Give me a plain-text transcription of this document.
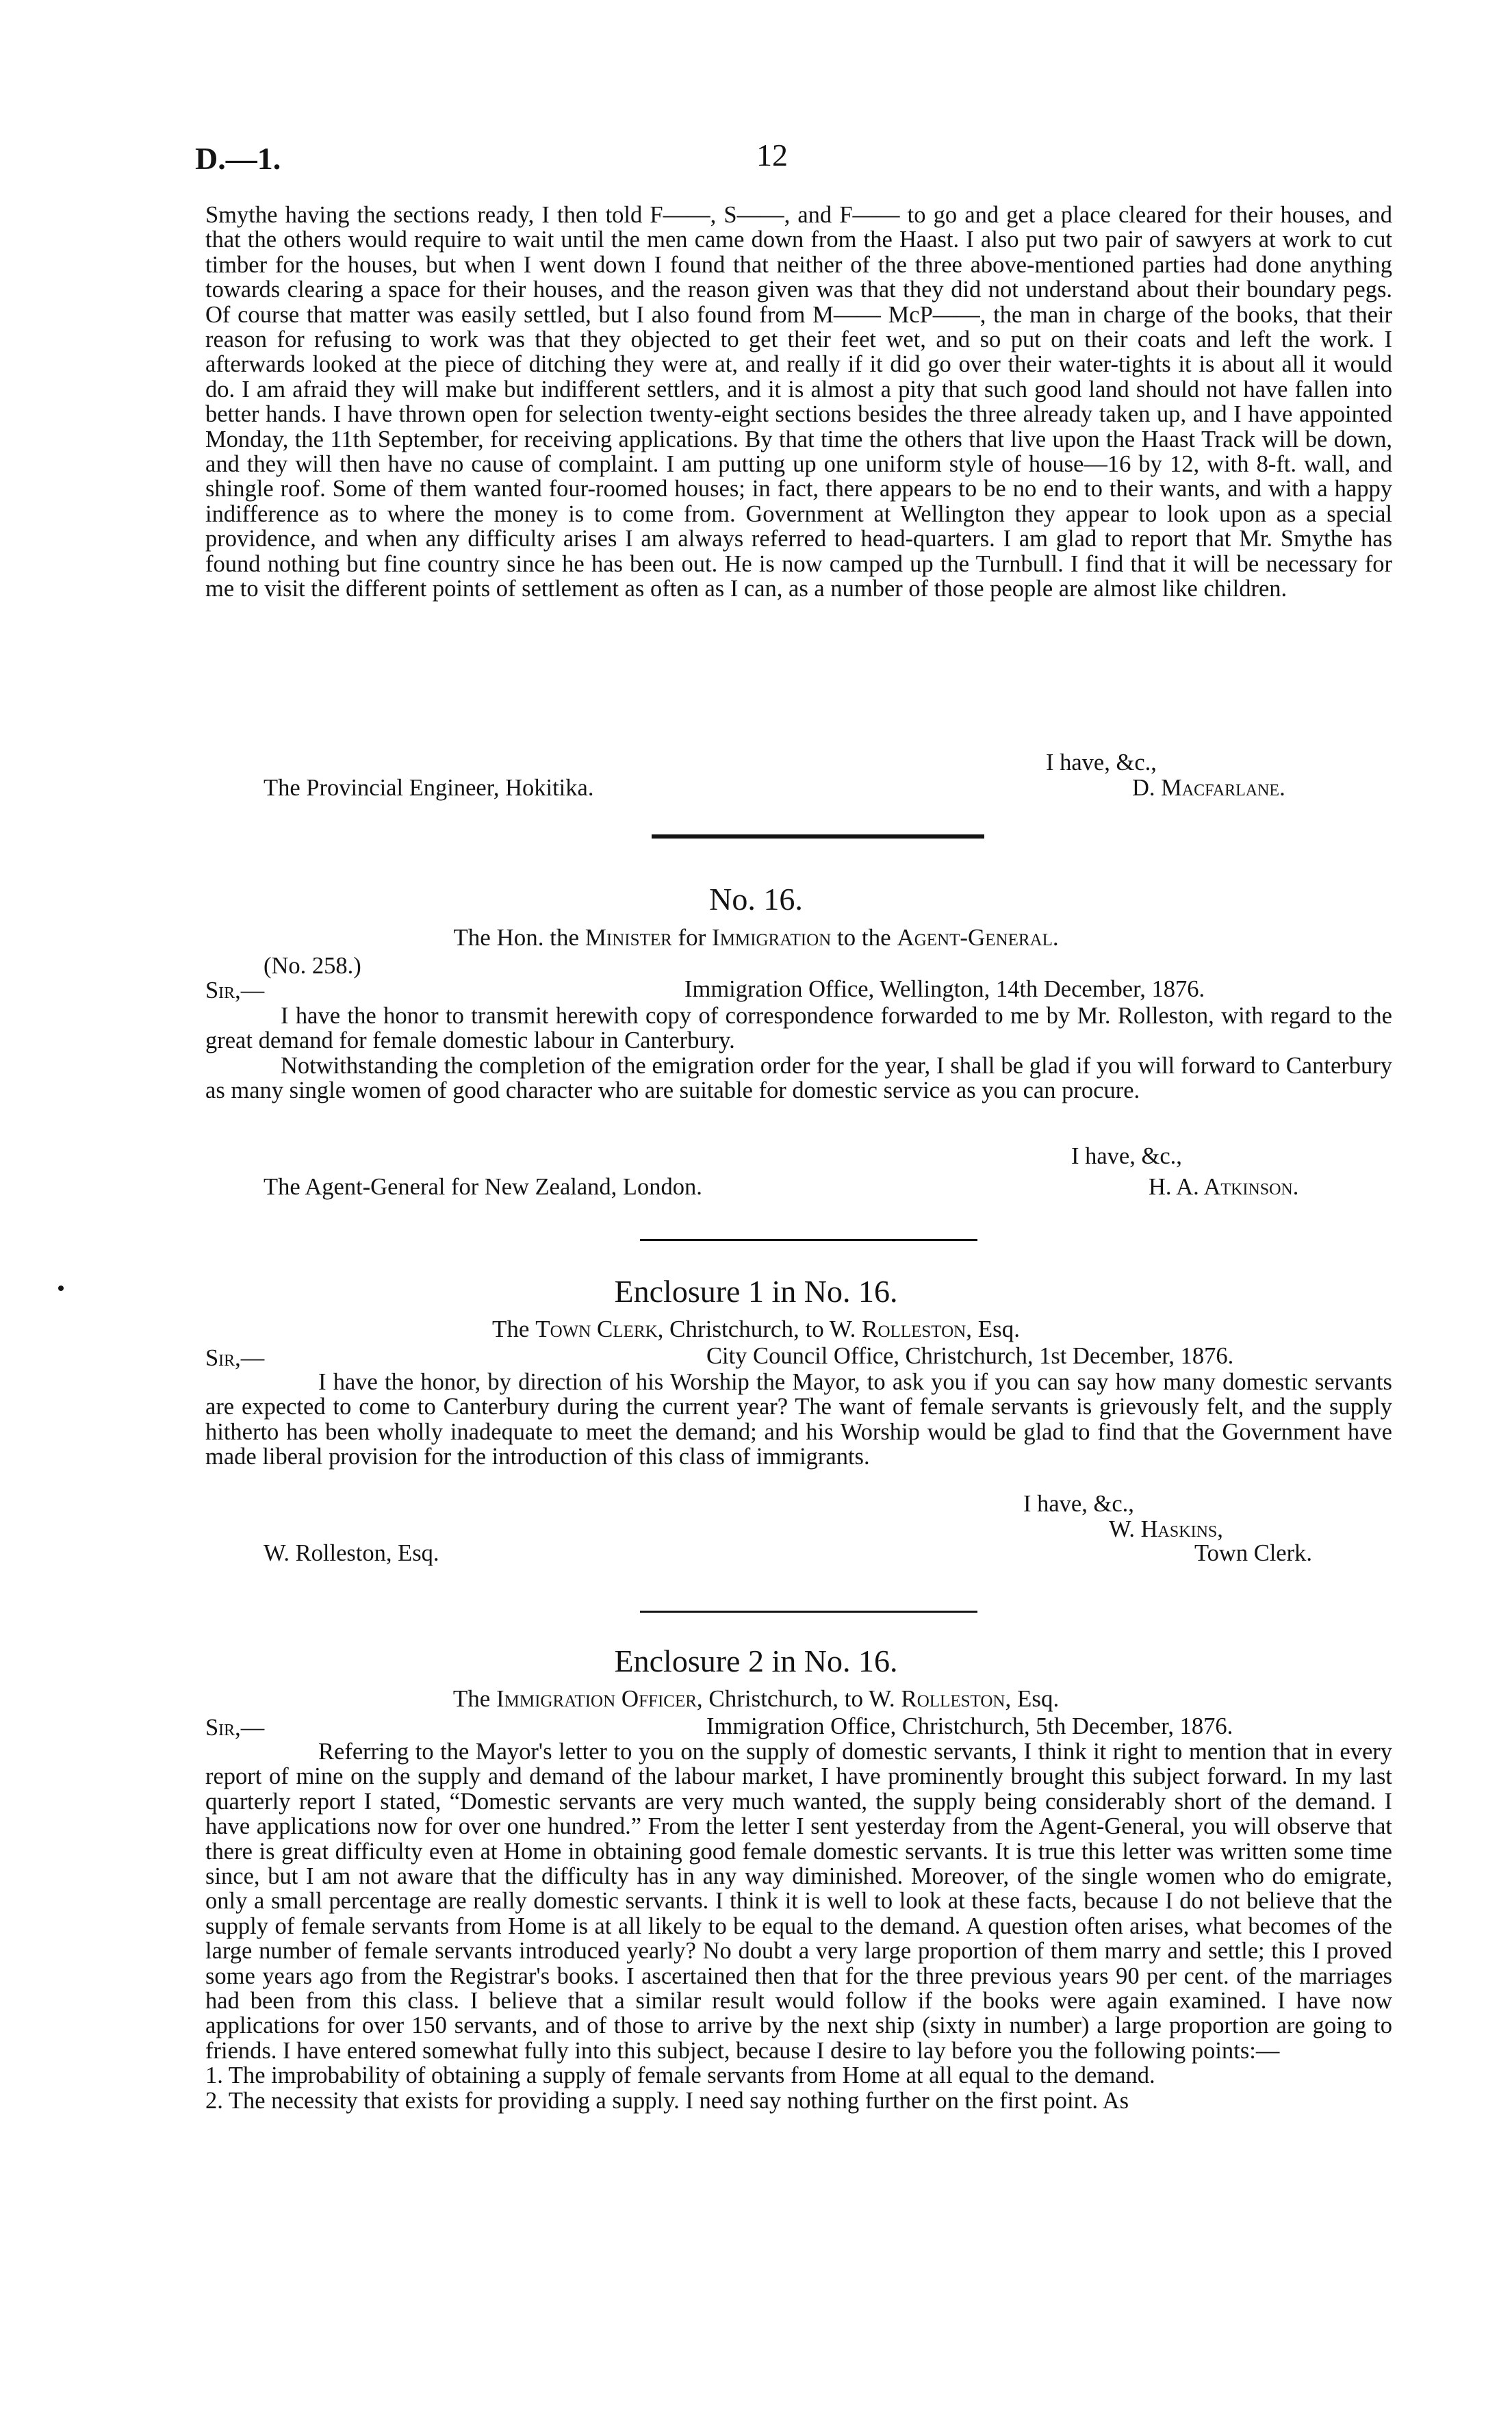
D.—1.	12

Smythe having the sections ready, I then told F——, S——, and F—— to go and get a place cleared for their houses, and that the others would require to wait until the men came down from the Haast. I also put two pair of sawyers at work to cut timber for the houses, but when I went down I found that neither of the three above-mentioned parties had done anything towards clearing a space for their houses, and the reason given was that they did not understand about their boundary pegs. Of course that matter was easily settled, but I also found from M—— McP——, the man in charge of the books, that their reason for refusing to work was that they objected to get their feet wet, and so put on their coats and left the work. I afterwards looked at the piece of ditching they were at, and really if it did go over their water-tights it is about all it would do. I am afraid they will make but indifferent settlers, and it is almost a pity that such good land should not have fallen into better hands. I have thrown open for selection twenty-eight sections besides the three already taken up, and I have appointed Monday, the 11th September, for receiving applications. By that time the others that live upon the Haast Track will be down, and they will then have no cause of complaint. I am putting up one uniform style of house—16 by 12, with 8-ft. wall, and shingle roof. Some of them wanted four-roomed houses; in fact, there appears to be no end to their wants, and with a happy indifference as to where the money is to come from. Government at Wellington they appear to look upon as a special providence, and when any difficulty arises I am always referred to head-quarters. I am glad to report that Mr. Smythe has found nothing but fine country since he has been out. He is now camped up the Turnbull. I find that it will be necessary for me to visit the different points of settlement as often as I can, as a number of those people are almost like children.

I have, &c.,
The Provincial Engineer, Hokitika.	D. Macfarlane.
No. 16.
The Hon. the Minister for Immigration to the Agent-General.
(No. 258.)
Sir,—	Immigration Office, Wellington, 14th December, 1876.

I have the honor to transmit herewith copy of correspondence forwarded to me by Mr. Rolleston, with regard to the great demand for female domestic labour in Canterbury.

Notwithstanding the completion of the emigration order for the year, I shall be glad if you will forward to Canterbury as many single women of good character who are suitable for domestic service as you can procure.

I have, &c.,
The Agent-General for New Zealand, London.	H. A. Atkinson.
Enclosure 1 in No. 16.
The Town Clerk, Christchurch, to W. Rolleston, Esq.
Sir,—	City Council Office, Christchurch, 1st December, 1876.

I have the honor, by direction of his Worship the Mayor, to ask you if you can say how many domestic servants are expected to come to Canterbury during the current year? The want of female servants is grievously felt, and the supply hitherto has been wholly inadequate to meet the demand; and his Worship would be glad to find that the Government have made liberal provision for the introduction of this class of immigrants.

I have, &c.,
W. Haskins,
W. Rolleston, Esq.	Town Clerk.
Enclosure 2 in No. 16.
The Immigration Officer, Christchurch, to W. Rolleston, Esq.
Sir,—	Immigration Office, Christchurch, 5th December, 1876.

Referring to the Mayor's letter to you on the supply of domestic servants, I think it right to mention that in every report of mine on the supply and demand of the labour market, I have prominently brought this subject forward. In my last quarterly report I stated, “Domestic servants are very much wanted, the supply being considerably short of the demand. I have applications now for over one hundred.” From the letter I sent yesterday from the Agent-General, you will observe that there is great difficulty even at Home in obtaining good female domestic servants. It is true this letter was written some time since, but I am not aware that the difficulty has in any way diminished. Moreover, of the single women who do emigrate, only a small percentage are really domestic servants. I think it is well to look at these facts, because I do not believe that the supply of female servants from Home is at all likely to be equal to the demand. A question often arises, what becomes of the large number of female servants introduced yearly? No doubt a very large proportion of them marry and settle; this I proved some years ago from the Registrar's books. I ascertained then that for the three previous years 90 per cent. of the marriages had been from this class. I believe that a similar result would follow if the books were again examined. I have now applications for over 150 servants, and of those to arrive by the next ship (sixty in number) a large proportion are going to friends. I have entered somewhat fully into this subject, because I desire to lay before you the following points:—

1. The improbability of obtaining a supply of female servants from Home at all equal to the demand.

2. The necessity that exists for providing a supply. I need say nothing further on the first point. As
